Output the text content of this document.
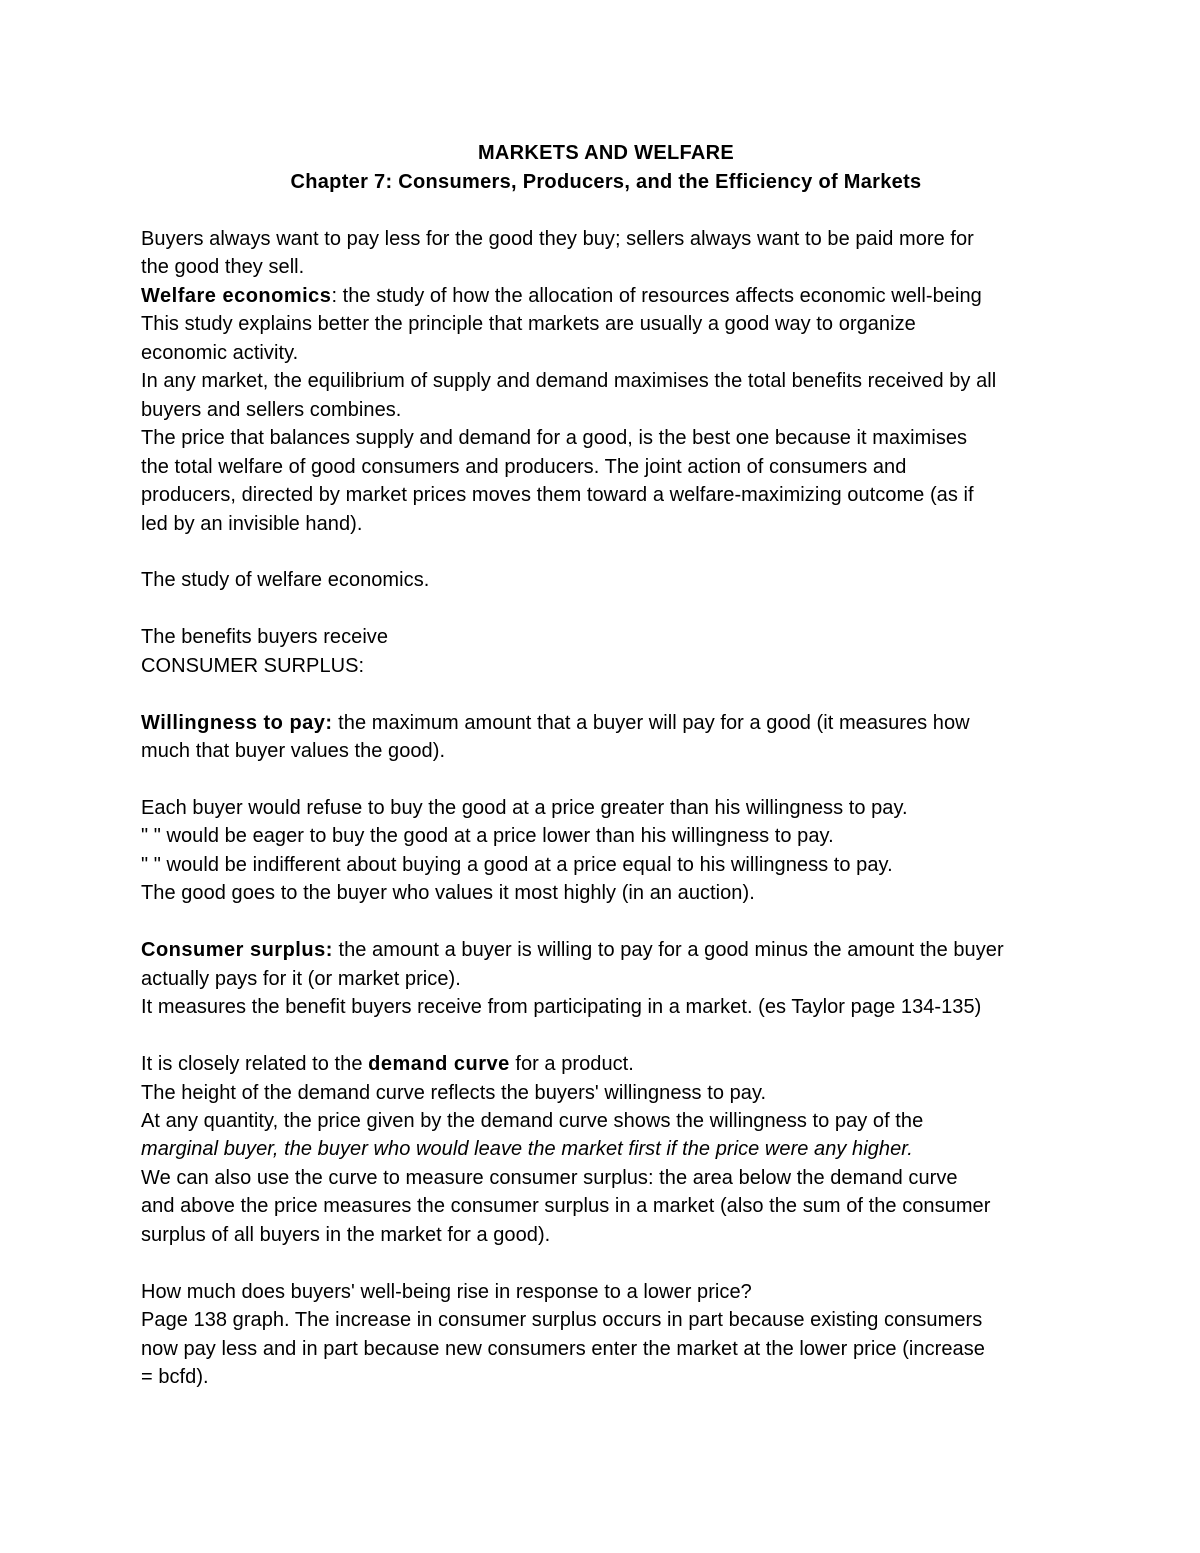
MARKETS AND WELFARE
Chapter 7: Consumers, Producers, and the Efficiency of Markets
Buyers always want to pay less for the good they buy; sellers always want to be paid more for
the good they sell.
Welfare economics: the study of how the allocation of resources affects economic well-being
This study explains better the principle that markets are usually a good way to organize
economic activity.
In any market, the equilibrium of supply and demand maximises the total benefits received by all
buyers and sellers combines.
The price that balances supply and demand for a good, is the best one because it maximises
the total welfare of good consumers and producers. The joint action of consumers and
producers, directed by market prices moves them toward a welfare-maximizing outcome (as if
led by an invisible hand).
The study of welfare economics.
The benefits buyers receive
CONSUMER SURPLUS:
Willingness to pay: the maximum amount that a buyer will pay for a good (it measures how
much that buyer values the good).
Each buyer would refuse to buy the good at a price greater than his willingness to pay.
" " would be eager to buy the good at a price lower than his willingness to pay.
" " would be indifferent about buying a good at a price equal to his willingness to pay.
The good goes to the buyer who values it most highly (in an auction).
Consumer surplus: the amount a buyer is willing to pay for a good minus the amount the buyer
actually pays for it (or market price).
It measures the benefit buyers receive from participating in a market. (es Taylor page 134-135)
It is closely related to the demand curve for a product.
The height of the demand curve reflects the buyers' willingness to pay.
At any quantity, the price given by the demand curve shows the willingness to pay of the
marginal buyer, the buyer who would leave the market first if the price were any higher.
We can also use the curve to measure consumer surplus: the area below the demand curve
and above the price measures the consumer surplus in a market (also the sum of the consumer
surplus of all buyers in the market for a good).
How much does buyers' well-being rise in response to a lower price?
Page 138 graph. The increase in consumer surplus occurs in part because existing consumers
now pay less and in part because new consumers enter the market at the lower price (increase
= bcfd).
